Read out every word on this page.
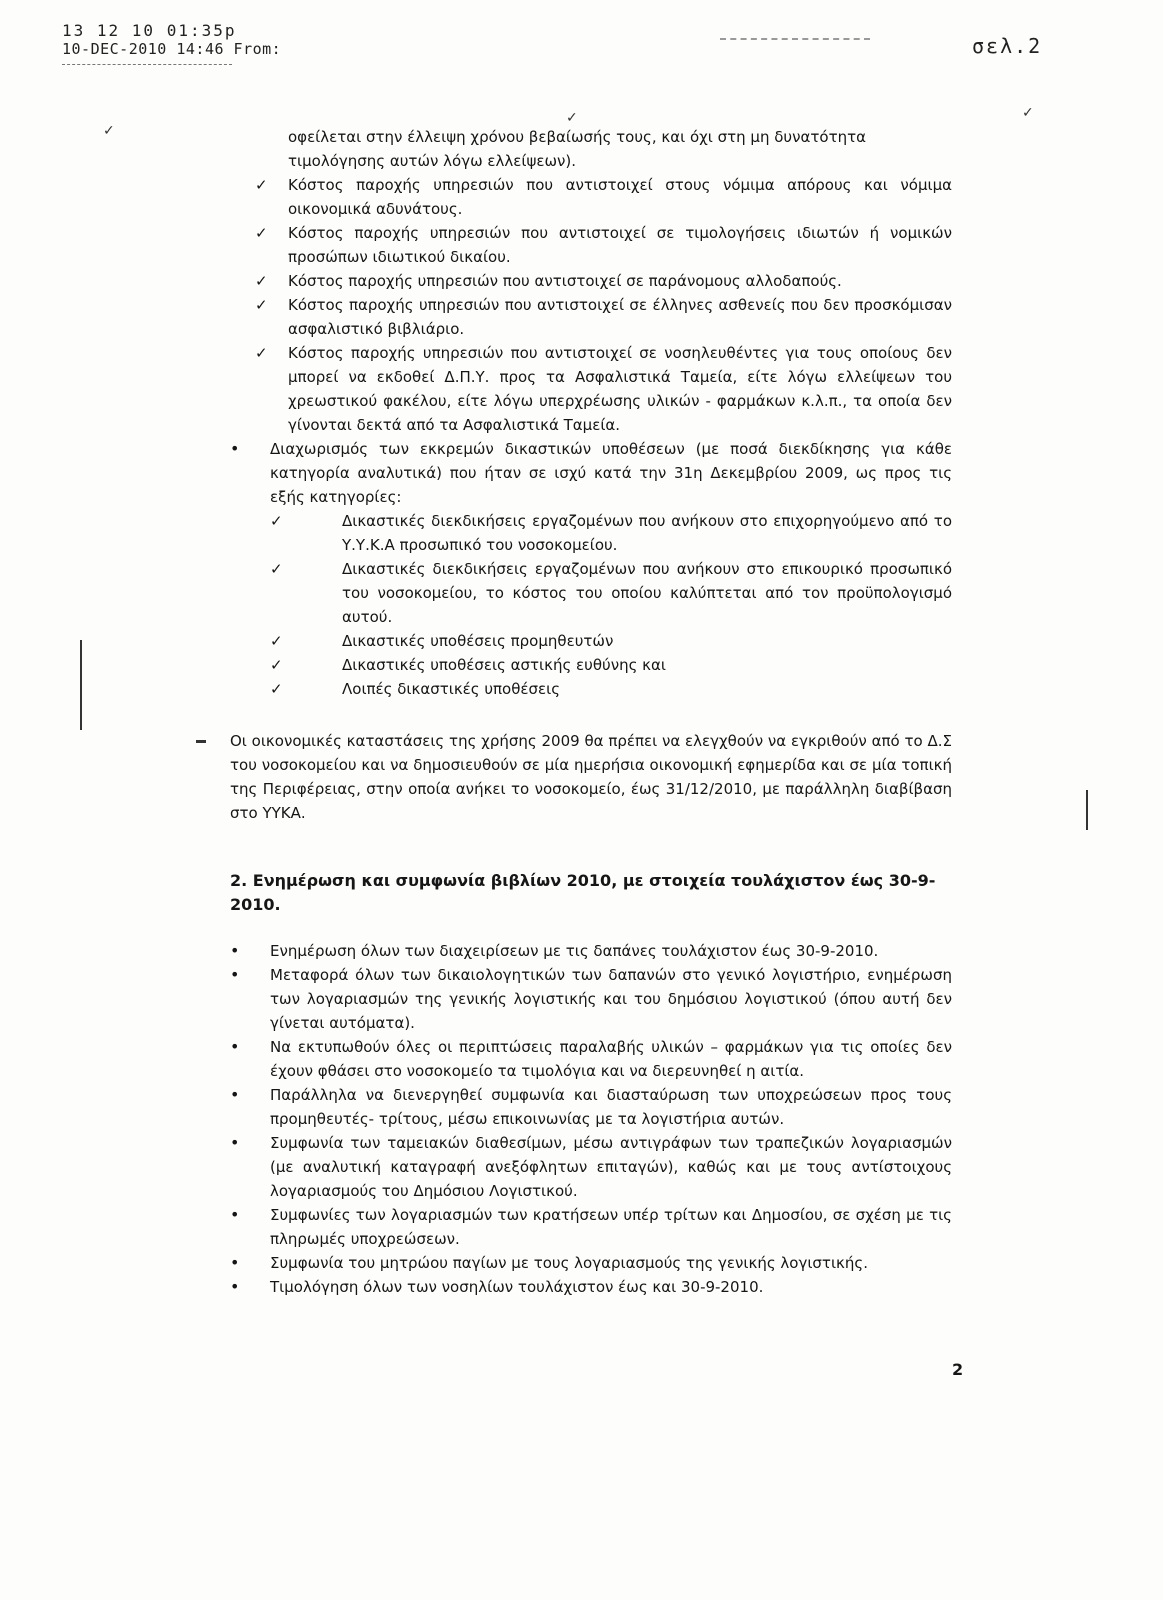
13 12 10 01:35p
10-DEC-2010 14:46 From:	σελ.2
✓
✓
✓

οφείλεται στην έλλειψη χρόνου βεβαίωσής τους, και όχι στη μη δυνατότητα

τιμολόγησης αυτών λόγω ελλείψεων).

✓ Κόστος παροχής υπηρεσιών που αντιστοιχεί στους νόμιμα απόρους και νόμιμα οικονομικά αδυνάτους.
✓ Κόστος παροχής υπηρεσιών που αντιστοιχεί σε τιμολογήσεις ιδιωτών ή νομικών προσώπων ιδιωτικού δικαίου.
✓ Κόστος παροχής υπηρεσιών που αντιστοιχεί σε παράνομους αλλοδαπούς.
✓ Κόστος παροχής υπηρεσιών που αντιστοιχεί σε έλληνες ασθενείς που δεν προσκόμισαν ασφαλιστικό βιβλιάριο.
✓ Κόστος παροχής υπηρεσιών που αντιστοιχεί σε νοσηλευθέντες για τους οποίους δεν μπορεί να εκδοθεί Δ.Π.Υ. προς τα Ασφαλιστικά Ταμεία, είτε λόγω ελλείψεων του χρεωστικού φακέλου, είτε λόγω υπερχρέωσης υλικών - φαρμάκων κ.λ.π., τα οποία δεν γίνονται δεκτά από τα Ασφαλιστικά Ταμεία.
• Διαχωρισμός των εκκρεμών δικαστικών υποθέσεων (με ποσά διεκδίκησης για κάθε κατηγορία αναλυτικά) που ήταν σε ισχύ κατά την 31η Δεκεμβρίου 2009, ως προς τις εξής κατηγορίες:
✓	Δικαστικές διεκδικήσεις εργαζομένων που ανήκουν στο επιχορηγούμενο από το Υ.Υ.Κ.Α προσωπικό του νοσοκομείου.
✓	Δικαστικές διεκδικήσεις εργαζομένων που ανήκουν στο επικουρικό προσωπικό του νοσοκομείου, το κόστος του οποίου καλύπτεται από τον προϋπολογισμό αυτού.
✓	Δικαστικές υποθέσεις προμηθευτών
✓	Δικαστικές υποθέσεις αστικής ευθύνης και
✓	Λοιπές δικαστικές υποθέσεις

Οι οικονομικές καταστάσεις της χρήσης 2009 θα πρέπει να ελεγχθούν να εγκριθούν από το Δ.Σ του νοσοκομείου και να δημοσιευθούν σε μία ημερήσια οικονομική εφημερίδα και σε μία τοπική της Περιφέρειας, στην οποία ανήκει το νοσοκομείο, έως 31/12/2010, με παράλληλη διαβίβαση στο ΥΥΚΑ.

2. Ενημέρωση και συμφωνία βιβλίων 2010, με στοιχεία τουλάχιστον έως 30-9-2010.
• Ενημέρωση όλων των διαχειρίσεων με τις δαπάνες τουλάχιστον έως 30-9-2010.
• Μεταφορά όλων των δικαιολογητικών των δαπανών στο γενικό λογιστήριο, ενημέρωση των λογαριασμών της γενικής λογιστικής και του δημόσιου λογιστικού (όπου αυτή δεν γίνεται αυτόματα).
• Να εκτυπωθούν όλες οι περιπτώσεις παραλαβής υλικών – φαρμάκων για τις οποίες δεν έχουν φθάσει στο νοσοκομείο τα τιμολόγια και να διερευνηθεί η αιτία.
• Παράλληλα να διενεργηθεί συμφωνία και διασταύρωση των υποχρεώσεων προς τους προμηθευτές- τρίτους, μέσω επικοινωνίας με τα λογιστήρια αυτών.
• Συμφωνία των ταμειακών διαθεσίμων, μέσω αντιγράφων των τραπεζικών λογαριασμών (με αναλυτική καταγραφή ανεξόφλητων επιταγών), καθώς και με τους αντίστοιχους λογαριασμούς του Δημόσιου Λογιστικού.
• Συμφωνίες των λογαριασμών των κρατήσεων υπέρ τρίτων και Δημοσίου, σε σχέση με τις πληρωμές υποχρεώσεων.
• Συμφωνία του μητρώου παγίων με τους λογαριασμούς της γενικής λογιστικής.
• Τιμολόγηση όλων των νοσηλίων τουλάχιστον έως και 30-9-2010.
2
